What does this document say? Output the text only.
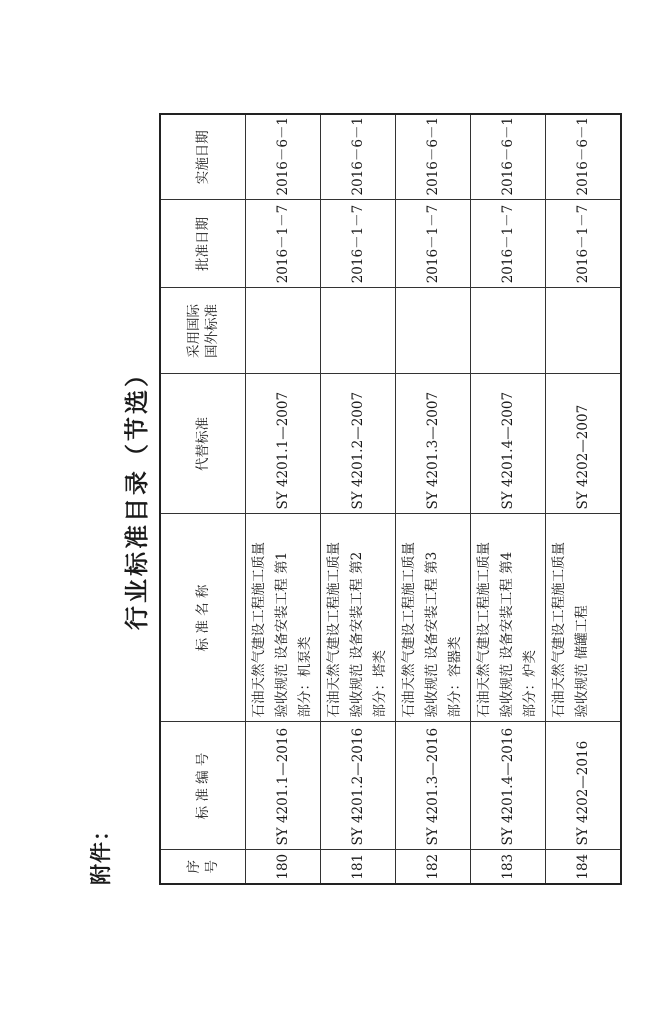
附件：
行业标准目录（节选）
序号	标 准 编 号	标 准 名 称	代替标准	采用国际 国外标准	批准日期	实施日期
180	SY 4201.1—2016	石油天然气建设工程施工质量 验收规范 设备安装工程 第1 部分：机泵类	SY 4201.1—2007		2016－1－7	2016－6－1
181	SY 4201.2—2016	石油天然气建设工程施工质量 验收规范 设备安装工程 第2 部分：塔类	SY 4201.2—2007		2016－1－7	2016－6－1
182	SY 4201.3—2016	石油天然气建设工程施工质量 验收规范 设备安装工程 第3 部分：容器类	SY 4201.3—2007		2016－1－7	2016－6－1
183	SY 4201.4—2016	石油天然气建设工程施工质量 验收规范 设备安装工程 第4 部分：炉类	SY 4201.4—2007		2016－1－7	2016－6－1
184	SY 4202—2016	石油天然气建设工程施工质量 验收规范 储罐工程	SY 4202—2007		2016－1－7	2016－6－1
